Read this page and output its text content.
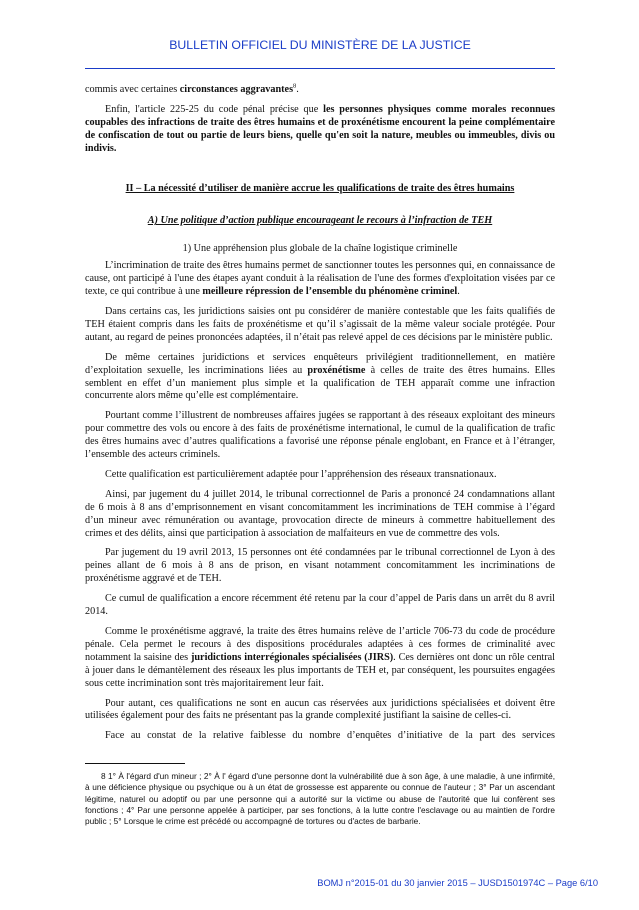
BULLETIN OFFICIEL DU MINISTÈRE DE LA JUSTICE

commis avec certaines circonstances aggravantes$^8$.

Enfin, l'article 225-25 du code pénal précise que les personnes physiques comme morales reconnues coupables des infractions de traite des êtres humains et de proxénétisme encourent la peine complémentaire de confiscation de tout ou partie de leurs biens, quelle qu'en soit la nature, meubles ou immeubles, divis ou indivis.

II – La nécessité d’utiliser de manière accrue les qualifications de traite des êtres humains
A) Une politique d’action publique encourageant le recours à l’infraction de TEH
1) Une appréhension plus globale de la chaîne logistique criminelle

L’incrimination de traite des êtres humains permet de sanctionner toutes les personnes qui, en connaissance de cause, ont participé à l'une des étapes ayant conduit à la réalisation de l'une des formes d'exploitation visées par ce texte, ce qui contribue à une meilleure répression de l’ensemble du phénomène criminel.

Dans certains cas, les juridictions saisies ont pu considérer de manière contestable que les faits qualifiés de TEH étaient compris dans les faits de proxénétisme et qu’il s’agissait de la même valeur sociale protégée. Pour autant, au regard de peines prononcées adaptées, il n’était pas relevé appel de ces décisions par le ministère public.

De même certaines juridictions et services enquêteurs privilégient traditionnellement, en matière d’exploitation sexuelle, les incriminations liées au proxénétisme à celles de traite des êtres humains. Elles semblent en effet d’un maniement plus simple et la qualification de TEH apparaît comme une infraction concurrente alors même qu’elle est complémentaire.

Pourtant comme l’illustrent de nombreuses affaires jugées se rapportant à des réseaux exploitant des mineurs pour commettre des vols ou encore à des faits de proxénétisme international, le cumul de la qualification de trafic des êtres humains avec d’autres qualifications a favorisé une réponse pénale englobant, en France et à l’étranger, l’ensemble des acteurs criminels.

Cette qualification est particulièrement adaptée pour l’appréhension des réseaux transnationaux.

Ainsi, par jugement du 4 juillet 2014, le tribunal correctionnel de Paris a prononcé 24 condamnations allant de 6 mois à 8 ans d’emprisonnement en visant concomitamment les incriminations de TEH commise à l’égard d’un mineur avec rémunération ou avantage, provocation directe de mineurs à commettre habituellement des crimes et des délits, ainsi que participation à association de malfaiteurs en vue de commettre des vols.

Par jugement du 19 avril 2013, 15 personnes ont été condamnées par le tribunal correctionnel de Lyon à des peines allant de 6 mois à 8 ans de prison, en visant notamment concomitamment les incriminations de proxénétisme aggravé et de TEH.

Ce cumul de qualification a encore récemment été retenu par la cour d’appel de Paris dans un arrêt du 8 avril 2014.

Comme le proxénétisme aggravé, la traite des êtres humains relève de l’article 706-73 du code de procédure pénale. Cela permet le recours à des dispositions procédurales adaptées à ces formes de criminalité avec notamment la saisine des juridictions interrégionales spécialisées (JIRS). Ces dernières ont donc un rôle central à jouer dans le démantèlement des réseaux les plus importants de TEH et, par conséquent, les poursuites engagées sous cette incrimination sont très majoritairement leur fait.

Pour autant, ces qualifications ne sont en aucun cas réservées aux juridictions spécialisées et doivent être utilisées également pour des faits ne présentant pas la grande complexité justifiant la saisine de celles-ci.

Face au constat de la relative faiblesse du nombre d’enquêtes d’initiative de la part des services

8 1° À l'égard d'un mineur ; 2° À l' égard d'une personne dont la vulnérabilité due à son âge, à une maladie, à une infirmité, à une déficience physique ou psychique ou à un état de grossesse est apparente ou connue de l'auteur ; 3° Par un ascendant légitime, naturel ou adoptif ou par une personne qui a autorité sur la victime ou abuse de l'autorité que lui confèrent ses fonctions ; 4° Par une personne appelée à participer, par ses fonctions, à la lutte contre l'esclavage ou au maintien de l'ordre public ; 5° Lorsque le crime est précédé ou accompagné de tortures ou d'actes de barbarie.
BOMJ n°2015-01 du 30 janvier 2015 – JUSD1501974C – Page 6/10
